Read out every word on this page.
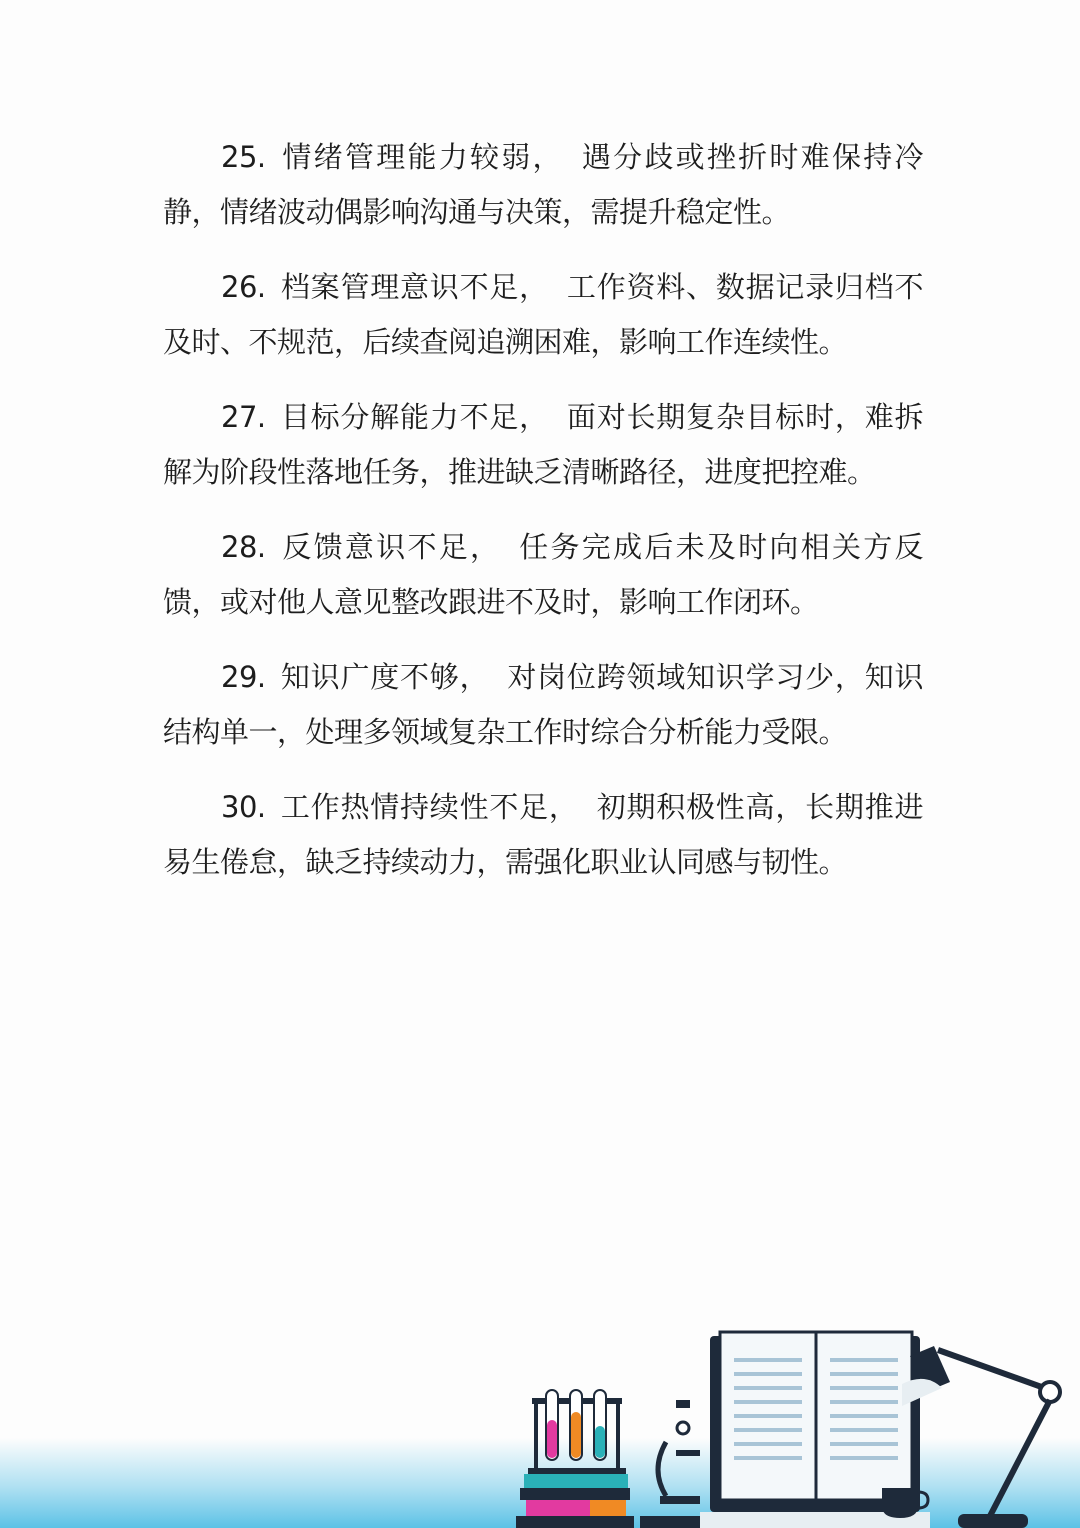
25. 情绪管理能力较弱， 遇分歧或挫折时难保持冷静，情绪波动偶影响沟通与决策，需提升稳定性。

26. 档案管理意识不足， 工作资料、数据记录归档不及时、不规范，后续查阅追溯困难，影响工作连续性。

27. 目标分解能力不足， 面对长期复杂目标时，难拆解为阶段性落地任务，推进缺乏清晰路径，进度把控难。

28. 反馈意识不足， 任务完成后未及时向相关方反馈，或对他人意见整改跟进不及时，影响工作闭环。

29. 知识广度不够， 对岗位跨领域知识学习少，知识结构单一，处理多领域复杂工作时综合分析能力受限。

30. 工作热情持续性不足， 初期积极性高，长期推进易生倦怠，缺乏持续动力，需强化职业认同感与韧性。
